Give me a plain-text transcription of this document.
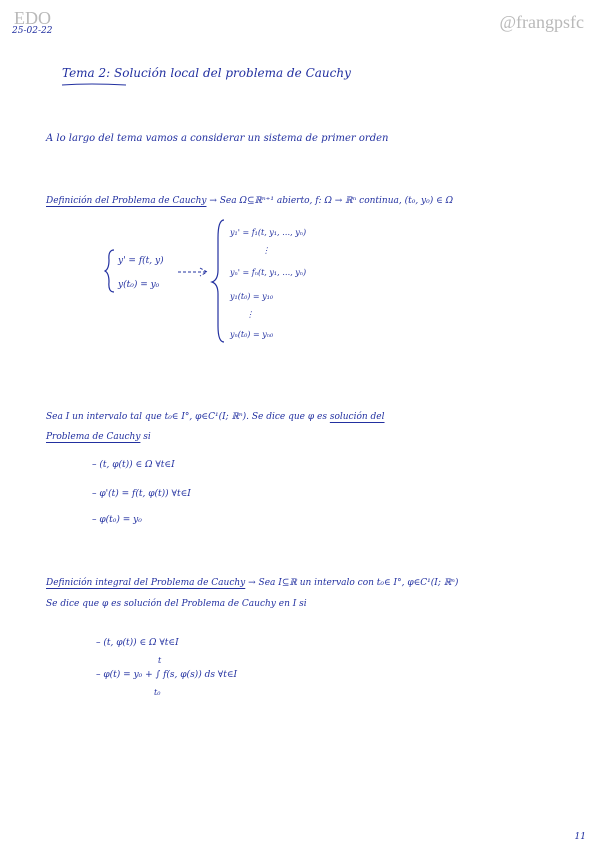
EDO	@frangpsfc
25-02-22
Tema 2: Solución local del problema de Cauchy
A lo largo del tema vamos a considerar un sistema de primer orden
Definición del Problema de Cauchy → Sea Ω⊆ℝⁿ⁺¹ abierto, f: Ω → ℝⁿ continua, (t₀, y₀) ∈ Ω
y' = f(t, y)
y(t₀) = y₀
y₁' = f₁(t, y₁, …, yₙ)
⋮
yₙ' = fₙ(t, y₁, …, yₙ)
y₁(t₀) = y₁₀
⋮
yₙ(t₀) = yₙ₀
Sea I un intervalo tal que t₀∈ I°, φ∈C¹(I; ℝⁿ). Se dice que φ es solución del
Problema de Cauchy si
– (t, φ(t)) ∈ Ω ∀t∈I
– φ'(t) = f(t, φ(t)) ∀t∈I
– φ(t₀) = y₀
Definición integral del Problema de Cauchy → Sea I⊆ℝ un intervalo con t₀∈ I°, φ∈C¹(I; ℝⁿ)
Se dice que φ es solución del Problema de Cauchy en I si
– (t, φ(t)) ∈ Ω ∀t∈I
– φ(t) = y₀ + ∫ f(s, φ(s)) ds ∀t∈I
t
t₀
11
